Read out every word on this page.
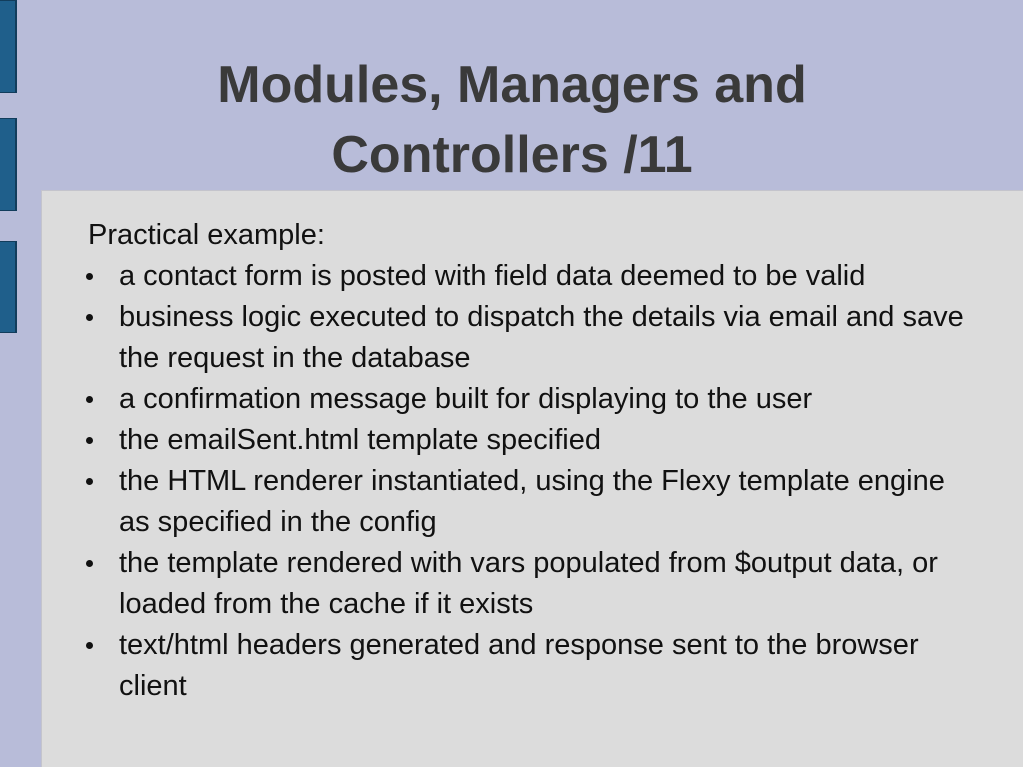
Modules, Managers and
Controllers /11

Practical example:

a contact form is posted with field data deemed to be valid
business logic executed to dispatch the details via email and save the request in the database
a confirmation message built for displaying to the user
the emailSent.html template specified
the HTML renderer instantiated, using the Flexy template engine as specified in the config
the template rendered with vars populated from $output data, or loaded from the cache if it exists
text/html headers generated and response sent to the browser client
